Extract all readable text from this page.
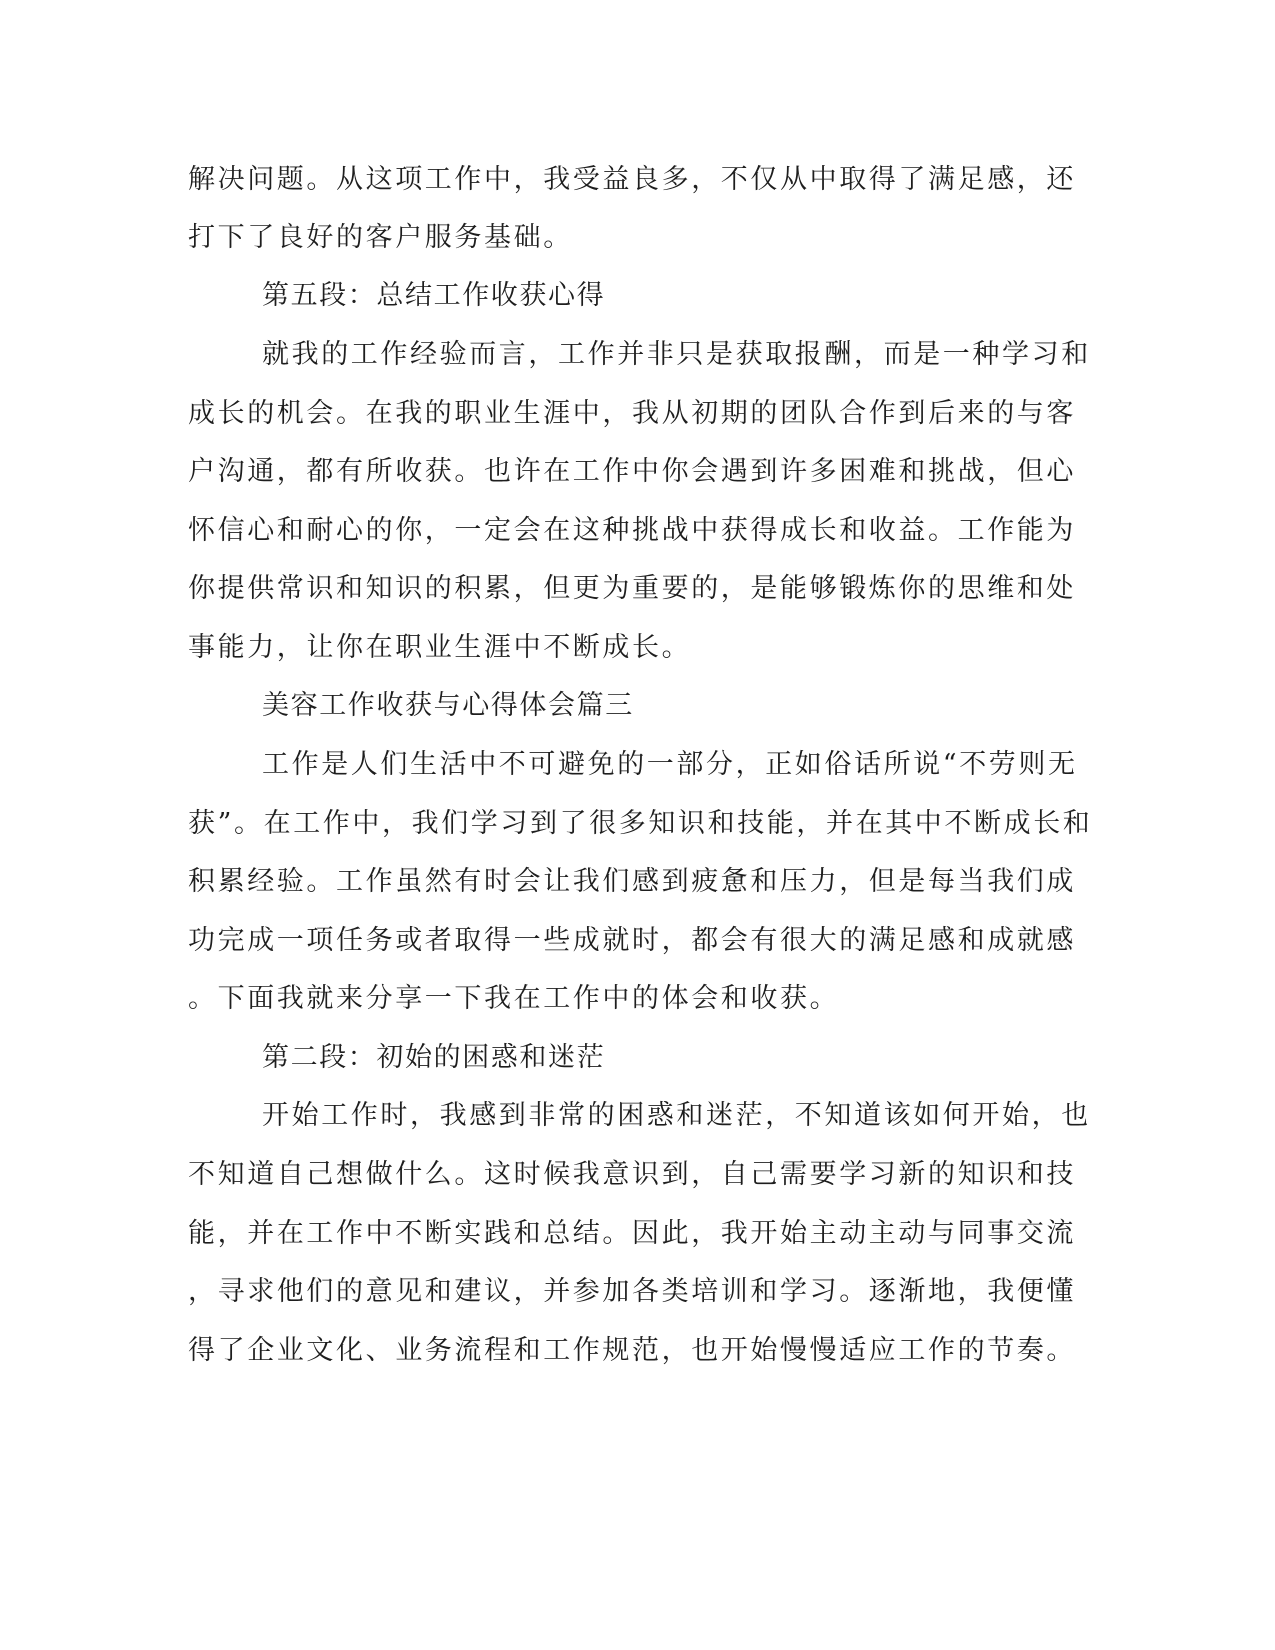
解决问题。从这项工作中，我受益良多，不仅从中取得了满足感，还
打下了良好的客户服务基础。
第五段：总结工作收获心得
就我的工作经验而言，工作并非只是获取报酬，而是一种学习和
成长的机会。在我的职业生涯中，我从初期的团队合作到后来的与客
户沟通，都有所收获。也许在工作中你会遇到许多困难和挑战，但心
怀信心和耐心的你，一定会在这种挑战中获得成长和收益。工作能为
你提供常识和知识的积累，但更为重要的，是能够锻炼你的思维和处
事能力，让你在职业生涯中不断成长。
美容工作收获与心得体会篇三
工作是人们生活中不可避免的一部分，正如俗话所说“不劳则无
获”。在工作中，我们学习到了很多知识和技能，并在其中不断成长和
积累经验。工作虽然有时会让我们感到疲惫和压力，但是每当我们成
功完成一项任务或者取得一些成就时，都会有很大的满足感和成就感
。下面我就来分享一下我在工作中的体会和收获。
第二段：初始的困惑和迷茫
开始工作时，我感到非常的困惑和迷茫，不知道该如何开始，也
不知道自己想做什么。这时候我意识到，自己需要学习新的知识和技
能，并在工作中不断实践和总结。因此，我开始主动主动与同事交流
，寻求他们的意见和建议，并参加各类培训和学习。逐渐地，我便懂
得了企业文化、业务流程和工作规范，也开始慢慢适应工作的节奏。
